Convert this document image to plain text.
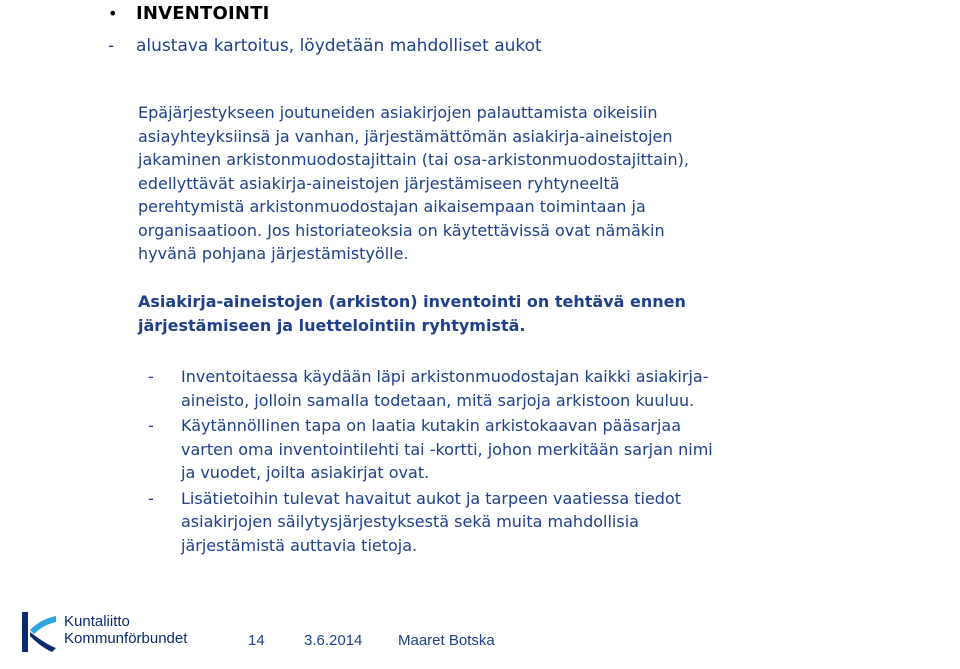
•	INVENTOINTI
-	alustava kartoitus, löydetään mahdolliset aukot
Epäjärjestykseen joutuneiden asiakirjojen palauttamista oikeisiin
asiayhteyksiinsä ja vanhan, järjestämättömän asiakirja-aineistojen
jakaminen arkistonmuodostajittain (tai osa-arkistonmuodostajittain),
edellyttävät asiakirja-aineistojen järjestämiseen ryhtyneeltä
perehtymistä arkistonmuodostajan aikaisempaan toimintaan ja
organisaatioon. Jos historiateoksia on käytettävissä ovat nämäkin
hyvänä pohjana järjestämistyölle.
Asiakirja-aineistojen (arkiston) inventointi on tehtävä ennen
järjestämiseen ja luettelointiin ryhtymistä.
-	Inventoitaessa käydään läpi arkistonmuodostajan kaikki asiakirja-
aineisto, jolloin samalla todetaan, mitä sarjoja arkistoon kuuluu.
-	Käytännöllinen tapa on laatia kutakin arkistokaavan pääsarjaa
varten oma inventointilehti tai -kortti, johon merkitään sarjan nimi
ja vuodet, joilta asiakirjat ovat.
-	Lisätietoihin tulevat havaitut aukot ja tarpeen vaatiessa tiedot
asiakirjojen säilytysjärjestyksestä sekä muita mahdollisia
järjestämistä auttavia tietoja.
Kuntaliitto
Kommunförbundet	14	3.6.2014	Maaret Botska
